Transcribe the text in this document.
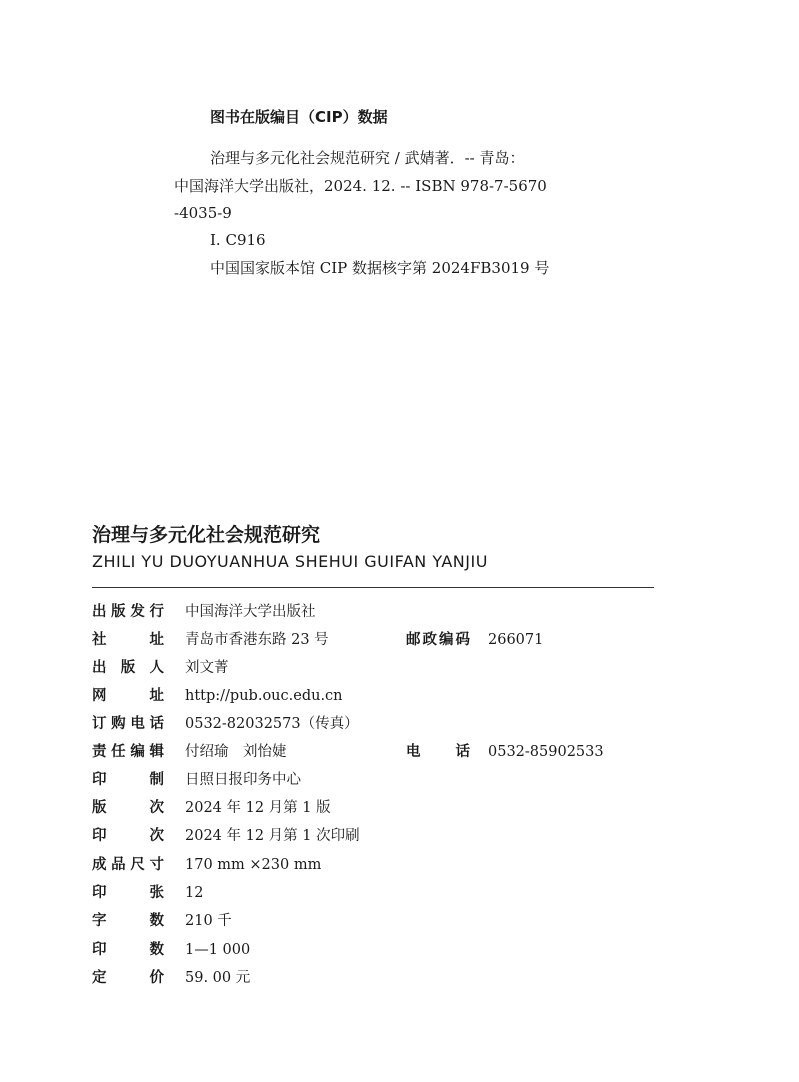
图书在版编目（CIP）数据
治理与多元化社会规范研究 / 武婧著．-- 青岛：
中国海洋大学出版社，2024. 12. -- ISBN 978-7-5670
-4035-9
Ⅰ. C916
中国国家版本馆 CIP 数据核字第 2024FB3019 号
治理与多元化社会规范研究
ZHILI YU DUOYUANHUA SHEHUI GUIFAN YANJIU
出版发行 中国海洋大学出版社
社址 青岛市香港东路 23 号	邮政编码 266071
出版人 刘文菁
网址 http://pub.ouc.edu.cn
订购电话 0532-82032573（传真）
责任编辑 付绍瑜　刘怡婕	电话 0532-85902533
印制 日照日报印务中心
版次 2024 年 12 月第 1 版
印次 2024 年 12 月第 1 次印刷
成品尺寸 170 mm ×230 mm
印张 12
字数 210 千
印数 1—1 000
定价 59. 00 元
